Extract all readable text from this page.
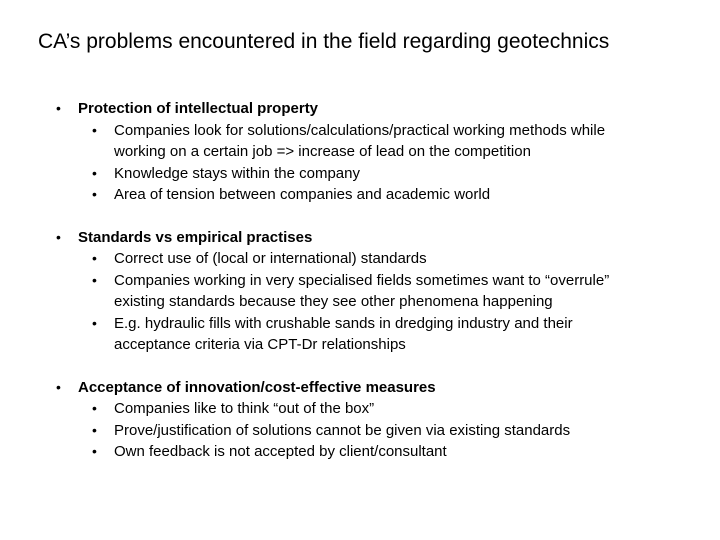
CA’s problems encountered in the field regarding geotechnics
•	Protection of intellectual property
•	Companies look for solutions/calculations/practical working methods while working on a certain job => increase of lead on the competition
•	Knowledge stays within the company
•	Area of tension between companies and academic world
•	Standards vs empirical practises
•	Correct use of (local or international) standards
•	Companies working in very specialised fields sometimes want to “overrule” existing standards because they see other phenomena happening
•	E.g. hydraulic fills with crushable sands in dredging industry and their acceptance criteria via CPT-Dr relationships
•	Acceptance of innovation/cost-effective measures
•	Companies like to think “out of the box”
•	Prove/justification of solutions cannot be given via existing standards
•	Own feedback is not accepted by client/consultant
